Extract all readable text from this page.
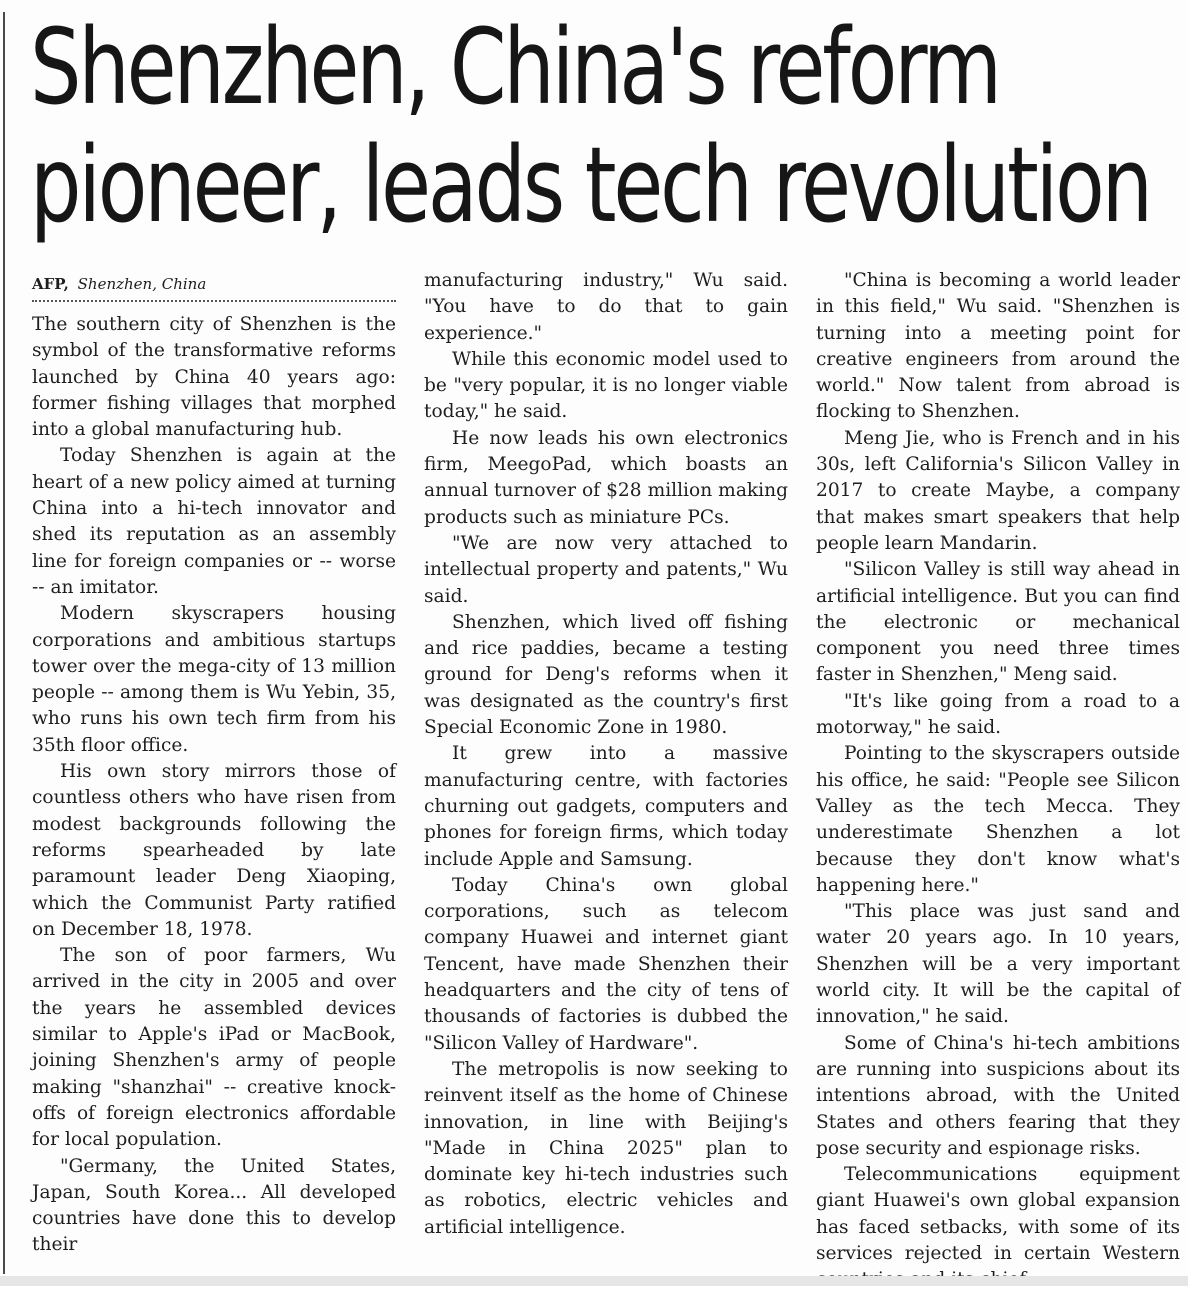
Shenzhen, China's reform
pioneer, leads tech revolution
AFP, Shenzhen, China

The southern city of Shenzhen is the symbol of the transformative reforms launched by China 40 years ago: former fishing villages that morphed into a global manufacturing hub.

Today Shenzhen is again at the heart of a new policy aimed at turning China into a hi-tech innovator and shed its reputation as an assembly line for foreign companies or -- worse -- an imitator.

Modern skyscrapers housing corporations and ambitious startups tower over the mega-city of 13 million people -- among them is Wu Yebin, 35, who runs his own tech firm from his 35th floor office.

His own story mirrors those of countless others who have risen from modest backgrounds following the reforms spearheaded by late paramount leader Deng Xiaoping, which the Communist Party ratified on December 18, 1978.

The son of poor farmers, Wu arrived in the city in 2005 and over the years he assembled devices similar to Apple's iPad or MacBook, joining Shenzhen's army of people making "shanzhai" -- creative knock-offs of foreign electronics affordable for local population.

"Germany, the United States, Japan, South Korea... All developed countries have done this to develop their

manufacturing industry," Wu said. "You have to do that to gain experience."

While this economic model used to be "very popular, it is no longer viable today," he said.

He now leads his own electronics firm, MeegoPad, which boasts an annual turnover of $28 million making products such as miniature PCs.

"We are now very attached to intellectual property and patents," Wu said.

Shenzhen, which lived off fishing and rice paddies, became a testing ground for Deng's reforms when it was designated as the country's first Special Economic Zone in 1980.

It grew into a massive manufacturing centre, with factories churning out gadgets, computers and phones for foreign firms, which today include Apple and Samsung.

Today China's own global corporations, such as telecom company Huawei and internet giant Tencent, have made Shenzhen their headquarters and the city of tens of thousands of factories is dubbed the "Silicon Valley of Hardware".

The metropolis is now seeking to reinvent itself as the home of Chinese innovation, in line with Beijing's "Made in China 2025" plan to dominate key hi-tech industries such as robotics, electric vehicles and artificial intelligence.

"China is becoming a world leader in this field," Wu said. "Shenzhen is turning into a meeting point for creative engineers from around the world." Now talent from abroad is flocking to Shenzhen.

Meng Jie, who is French and in his 30s, left California's Silicon Valley in 2017 to create Maybe, a company that makes smart speakers that help people learn Mandarin.

"Silicon Valley is still way ahead in artificial intelligence. But you can find the electronic or mechanical component you need three times faster in Shenzhen," Meng said.

"It's like going from a road to a motorway," he said.

Pointing to the skyscrapers outside his office, he said: "People see Silicon Valley as the tech Mecca. They underestimate Shenzhen a lot because they don't know what's happening here."

"This place was just sand and water 20 years ago. In 10 years, Shenzhen will be a very important world city. It will be the capital of innovation," he said.

Some of China's hi-tech ambitions are running into suspicions about its intentions abroad, with the United States and others fearing that they pose security and espionage risks.

Telecommunications equipment giant Huawei's own global expansion has faced setbacks, with some of its services rejected in certain Western
